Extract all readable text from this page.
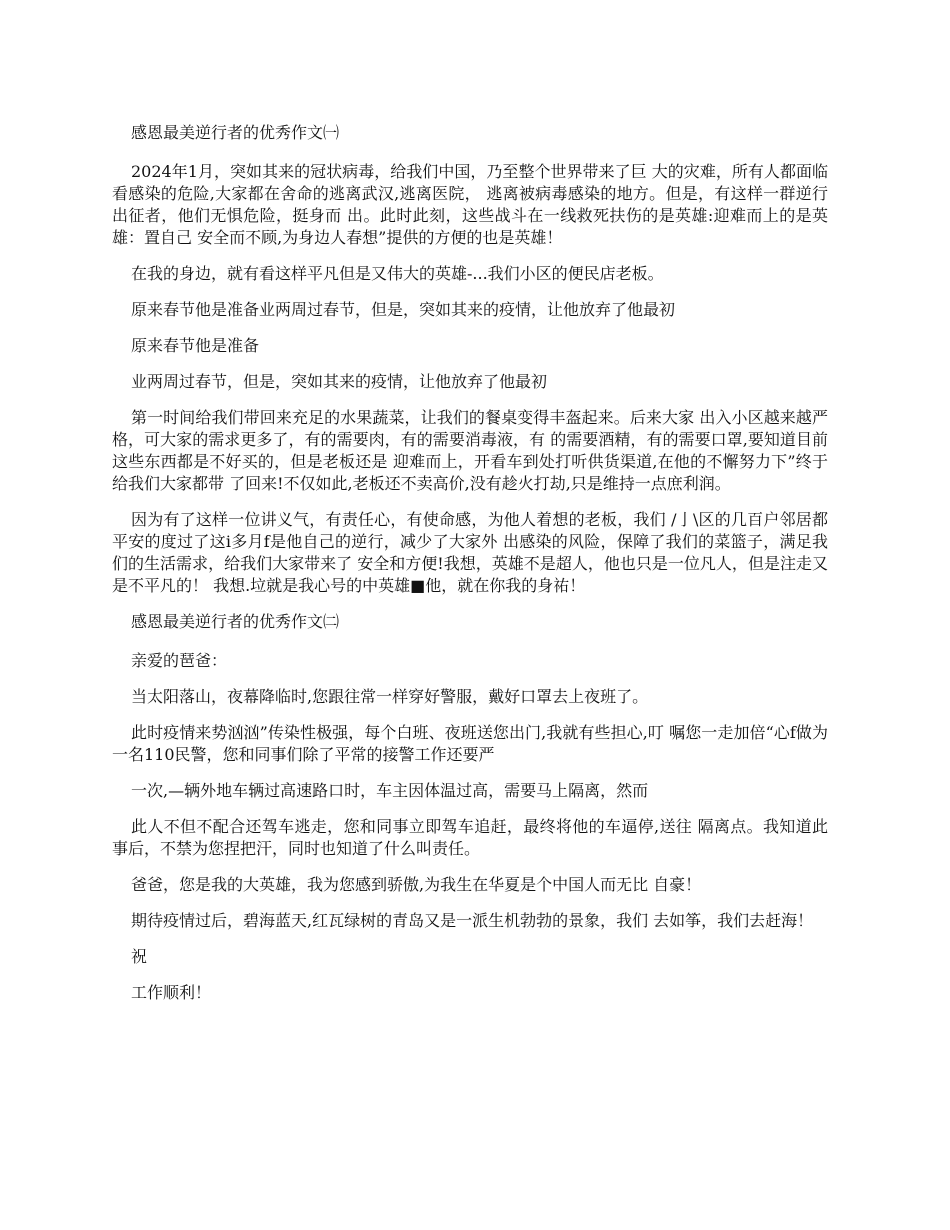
感恩最美逆行者的优秀作文㈠

2024年1月，突如其来的冠状病毒，给我们中国，乃至整个世界带来了巨 大的灾难，所有人都面临看感染的危险,大家都在舍命的逃离武汉,逃离医院， 逃离被病毒感染的地方。但是，有这样一群逆行出征者，他们无惧危险，挺身而 出。此时此刻，这些战斗在一线救死扶伤的是英雄:迎难而上的是英雄：置自己 安全而不顾,为身边人春想”提供的方便的也是英雄！

在我的身边，就有看这样平凡但是又伟大的英雄-...我们小区的便民店老板。

原来春节他是准备业两周过春节，但是，突如其来的疫情，让他放弃了他最初

原来春节他是准备

业两周过春节，但是，突如其来的疫情，让他放弃了他最初

第一时间给我们带回来充足的水果蔬菜，让我们的餐桌变得丰盔起来。后来大家 出入小区越来越严格，可大家的需求更多了，有的需要肉，有的需要消毒液，有 的需要酒精，有的需要口罩,要知道目前这些东西都是不好买的，但是老板还是 迎难而上，开看车到处打听供货渠道,在他的不懈努力下”终于给我们大家都带 了回来!不仅如此,老板还不卖高价,没有趁火打劫,只是维持一点庶利润。

因为有了这样一位讲义气，有责任心，有使命感，为他人着想的老板，我们 /亅\区的几百户邻居都平安的度过了这i多月f是他自己的逆行，减少了大家外 出感染的风险，保障了我们的菜篮子，满足我们的生活需求，给我们大家带来了 安全和方便!我想，英雄不是超人，他也只是一位凡人，但是注走又是不平凡的！ 我想.垃就是我心号的中英雄■他，就在你我的身祐！

感恩最美逆行者的优秀作文㈡

亲爱的琶爸：

当太阳落山，夜幕降临时,您跟往常一样穿好警服，戴好口罩去上夜班了。

此时疫情来势汹汹”传染性极强，每个白班、夜班送您出门,我就有些担心,叮 嘱您一走加倍“心f做为一名110民警，您和同事们除了平常的接警工作还要严

一次,—辆外地车辆过高速路口时，车主因体温过高，需要马上隔离，然而

此人不但不配合还驾车逃走，您和同事立即驾车追赶，最终将他的车逼停,送往 隔离点。我知道此事后，不禁为您捏把汗，同时也知道了什么叫责任。

爸爸，您是我的大英雄，我为您感到骄傲,为我生在华夏是个中国人而无比 自豪！

期待疫情过后，碧海蓝天,红瓦绿树的青岛又是一派生机勃勃的景象，我们 去如筝，我们去赶海！

祝

工作顺利！
